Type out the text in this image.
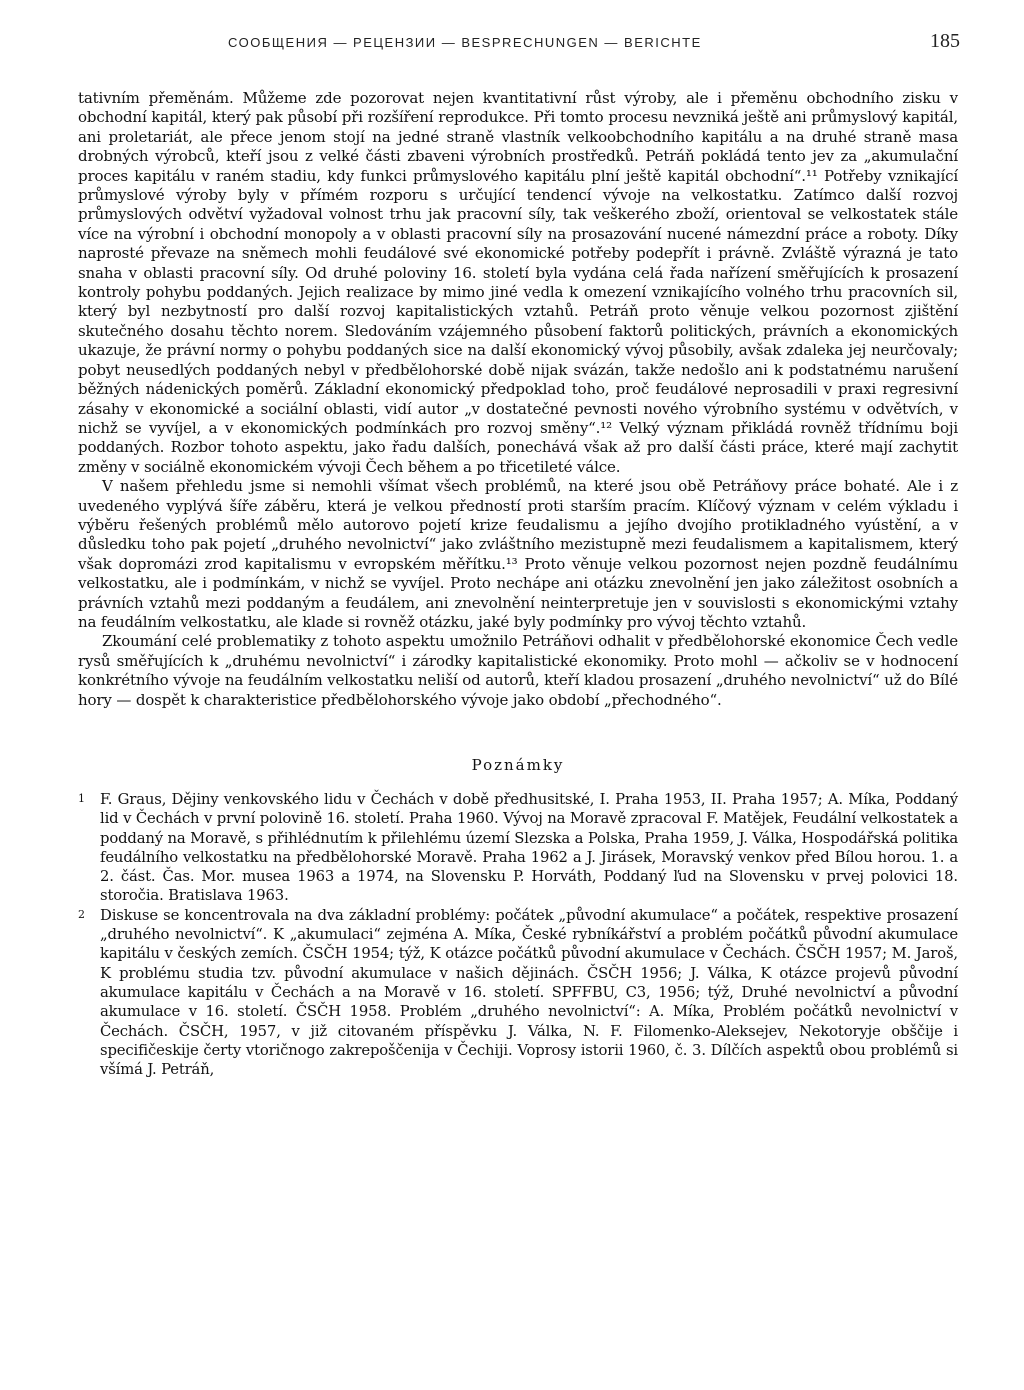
СООБЩЕНИЯ — РЕЦЕНЗИИ — BESPRECHUNGEN — BERICHTE	185

tativním přeměnám. Můžeme zde pozorovat nejen kvantitativní růst výroby, ale i přeměnu obchodního zisku v obchodní kapitál, který pak působí při rozšíření reprodukce. Při tomto procesu nevzniká ještě ani průmyslový kapitál, ani proletariát, ale přece jenom stojí na jedné straně vlastník velkoobchodního kapitálu a na druhé straně masa drobných výrobců, kteří jsou z velké části zbaveni výrobních prostředků. Petráň pokládá tento jev za „akumulační proces kapitálu v raném stadiu, kdy funkci průmyslového kapitálu plní ještě kapitál obchodní“.¹¹ Potřeby vznikající průmyslové výroby byly v přímém rozporu s určující tendencí vývoje na velkostatku. Zatímco další rozvoj průmyslových odvětví vyžadoval volnost trhu jak pracovní síly, tak veškerého zboží, orientoval se velkostatek stále více na výrobní i obchodní monopoly a v oblasti pracovní síly na prosazování nucené námezdní práce a roboty. Díky naprosté převaze na sněmech mohli feudálové své ekonomické potřeby podepřít i právně. Zvláště výrazná je tato snaha v oblasti pracovní síly. Od druhé poloviny 16. století byla vydána celá řada nařízení směřujících k prosazení kontroly pohybu poddaných. Jejich realizace by mimo jiné vedla k omezení vznikajícího volného trhu pracovních sil, který byl nezbytností pro další rozvoj kapitalistických vztahů. Petráň proto věnuje velkou pozornost zjištění skutečného dosahu těchto norem. Sledováním vzájemného působení faktorů politických, právních a ekonomických ukazuje, že právní normy o pohybu poddaných sice na další ekonomický vývoj působily, avšak zdaleka jej neurčovaly; pobyt neusedlých poddaných nebyl v předbělohorské době nijak svázán, takže nedošlo ani k podstatnému narušení běžných nádenických poměrů. Základní ekonomický předpoklad toho, proč feudálové neprosadili v praxi regresivní zásahy v ekonomické a sociální oblasti, vidí autor „v dostatečné pevnosti nového výrobního systému v odvětvích, v nichž se vyvíjel, a v ekonomických podmínkách pro rozvoj směny“.¹² Velký význam přikládá rovněž třídnímu boji poddaných. Rozbor tohoto aspektu, jako řadu dalších, ponechává však až pro další části práce, které mají zachytit změny v sociálně ekonomickém vývoji Čech během a po třicetileté válce.

V našem přehledu jsme si nemohli všímat všech problémů, na které jsou obě Petráňovy práce bohaté. Ale i z uvedeného vyplývá šíře záběru, která je velkou předností proti starším pracím. Klíčový význam v celém výkladu i výběru řešených problémů mělo autorovo pojetí krize feudalismu a jejího dvojího protikladného vyústění, a v důsledku toho pak pojetí „druhého nevolnictví“ jako zvláštního mezistupně mezi feudalismem a kapitalismem, který však dopromázi zrod kapitalismu v evropském měřítku.¹³ Proto věnuje velkou pozornost nejen pozdně feudálnímu velkostatku, ale i podmínkám, v nichž se vyvíjel. Proto nechápe ani otázku znevolnění jen jako záležitost osobních a právních vztahů mezi poddaným a feudálem, ani znevolnění neinterpretuje jen v souvislosti s ekonomickými vztahy na feudálním velkostatku, ale klade si rovněž otázku, jaké byly podmínky pro vývoj těchto vztahů.

Zkoumání celé problematiky z tohoto aspektu umožnilo Petráňovi odhalit v předbělohorské ekonomice Čech vedle rysů směřujících k „druhému nevolnictví“ i zárodky kapitalistické ekonomiky. Proto mohl — ačkoliv se v hodnocení konkrétního vývoje na feudálním velkostatku neliší od autorů, kteří kladou prosazení „druhého nevolnictví“ už do Bílé hory — dospět k charakteristice předbělohorského vývoje jako období „přechodného“.

Poznámky
1	F. Graus, Dějiny venkovského lidu v Čechách v době předhusitské, I. Praha 1953, II. Praha 1957; A. Míka, Poddaný lid v Čechách v první polovině 16. století. Praha 1960. Vývoj na Moravě zpracoval F. Matějek, Feudální velkostatek a poddaný na Moravě, s přihlédnutím k přilehlému území Slezska a Polska, Praha 1959, J. Válka, Hospodářská politika feudálního velkostatku na předbělohorské Moravě. Praha 1962 a J. Jirásek, Moravský venkov před Bílou horou. 1. a 2. část. Čas. Mor. musea 1963 a 1974, na Slovensku P. Horváth, Poddaný ľud na Slovensku v prvej polovici 18. storočia. Bratislava 1963.
2	Diskuse se koncentrovala na dva základní problémy: počátek „původní akumulace“ a počátek, respektive prosazení „druhého nevolnictví“. K „akumulaci“ zejména A. Míka, České rybníkářství a problém počátků původní akumulace kapitálu v českých zemích. ČSČH 1954; týž, K otázce počátků původní akumulace v Čechách. ČSČH 1957; M. Jaroš, K problému studia tzv. původní akumulace v našich dějinách. ČSČH 1956; J. Válka, K otázce projevů původní akumulace kapitálu v Čechách a na Moravě v 16. století. SPFFBU, C3, 1956; týž, Druhé nevolnictví a původní akumulace v 16. století. ČSČH 1958. Problém „druhého nevolnictví“: A. Míka, Problém počátků nevolnictví v Čechách. ČSČH, 1957, v již citovaném příspěvku J. Válka, N. F. Filomenko-Aleksejev, Nekotoryje obščije i specifičeskije čerty vtoričnogo zakrepoščenija v Čechiji. Voprosy istorii 1960, č. 3. Dílčích aspektů obou problémů si všímá J. Petráň,
